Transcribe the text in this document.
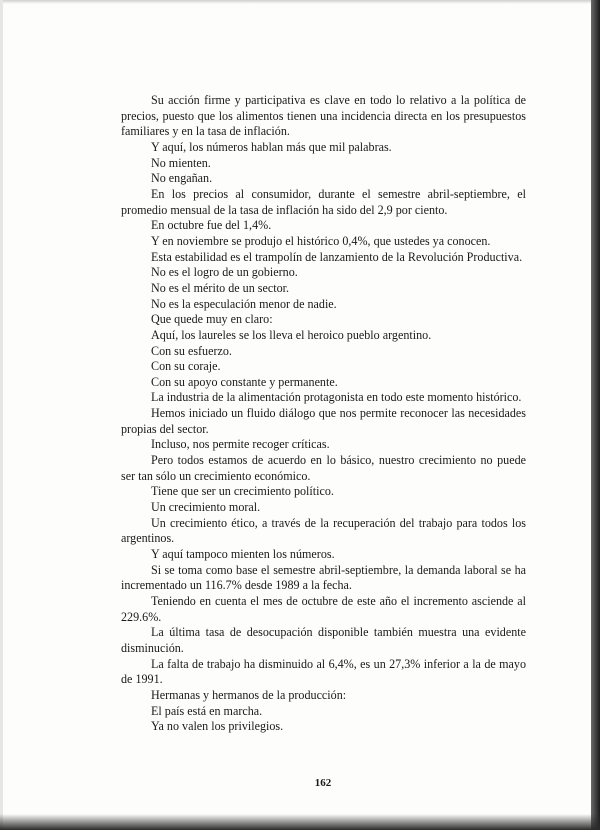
Su acción firme y participativa es clave en todo lo relativo a la política de precios, puesto que los alimentos tienen una incidencia directa en los presupuestos familiares y en la tasa de inflación.

Y aquí, los números hablan más que mil palabras.

No mienten.

No engañan.

En los precios al consumidor, durante el semestre abril-septiembre, el promedio mensual de la tasa de inflación ha sido del 2,9 por ciento.

En octubre fue del 1,4%.

Y en noviembre se produjo el histórico 0,4%, que ustedes ya conocen.

Esta estabilidad es el trampolín de lanzamiento de la Revolución Productiva.

No es el logro de un gobierno.

No es el mérito de un sector.

No es la especulación menor de nadie.

Que quede muy en claro:

Aquí, los laureles se los lleva el heroico pueblo argentino.

Con su esfuerzo.

Con su coraje.

Con su apoyo constante y permanente.

La industria de la alimentación protagonista en todo este momento histórico.

Hemos iniciado un fluido diálogo que nos permite reconocer las necesidades propias del sector.

Incluso, nos permite recoger críticas.

Pero todos estamos de acuerdo en lo básico, nuestro crecimiento no puede ser tan sólo un crecimiento económico.

Tiene que ser un crecimiento político.

Un crecimiento moral.

Un crecimiento ético, a través de la recuperación del trabajo para todos los argentinos.

Y aquí tampoco mienten los números.

Si se toma como base el semestre abril-septiembre, la demanda laboral se ha incrementado un 116.7% desde 1989 a la fecha.

Teniendo en cuenta el mes de octubre de este año el incremento asciende al 229.6%.

La última tasa de desocupación disponible también muestra una evidente disminución.

La falta de trabajo ha disminuido al 6,4%, es un 27,3% inferior a la de mayo de 1991.

Hermanas y hermanos de la producción:

El país está en marcha.

Ya no valen los privilegios.

162
